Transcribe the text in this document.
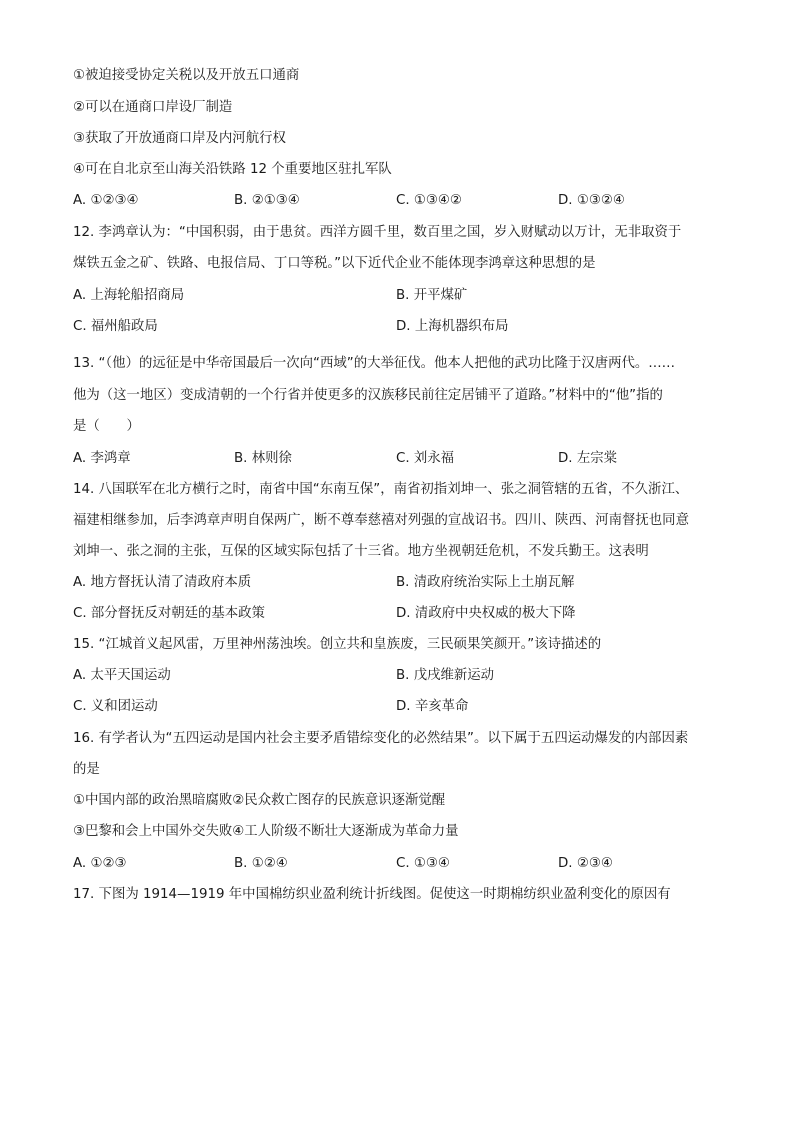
①被迫接受协定关税以及开放五口通商
②可以在通商口岸设厂制造
③获取了开放通商口岸及内河航行权
④可在自北京至山海关沿铁路 12 个重要地区驻扎军队
A. ①②③④	B. ②①③④	C. ①③④②	D. ①③②④
12. 李鸿章认为：“中国积弱，由于患贫。西洋方圆千里，数百里之国，岁入财赋动以万计，无非取资于
煤铁五金之矿、铁路、电报信局、丁口等税。”以下近代企业不能体现李鸿章这种思想的是
A. 上海轮船招商局	B. 开平煤矿
C. 福州船政局	D. 上海机器织布局
13. “（他）的远征是中华帝国最后一次向“西域”的大举征伐。他本人把他的武功比隆于汉唐两代。……
他为（这一地区）变成清朝的一个行省并使更多的汉族移民前往定居铺平了道路。”材料中的“他”指的
是（　　）
A. 李鸿章	B. 林则徐	C. 刘永福	D. 左宗棠
14. 八国联军在北方横行之时，南省中国“东南互保”，南省初指刘坤一、张之洞管辖的五省，不久浙江、
福建相继参加，后李鸿章声明自保两广，断不尊奉慈禧对列强的宣战诏书。四川、陕西、河南督抚也同意
刘坤一、张之洞的主张，互保的区域实际包括了十三省。地方坐视朝廷危机，不发兵勤王。这表明
A. 地方督抚认清了清政府本质	B. 清政府统治实际上土崩瓦解
C. 部分督抚反对朝廷的基本政策	D. 清政府中央权威的极大下降
15. “江城首义起风雷，万里神州荡浊埃。创立共和皇族废，三民硕果笑颜开。”该诗描述的
A. 太平天国运动	B. 戊戌维新运动
C. 义和团运动	D. 辛亥革命
16. 有学者认为“五四运动是国内社会主要矛盾错综变化的必然结果”。以下属于五四运动爆发的内部因素
的是
①中国内部的政治黑暗腐败②民众救亡图存的民族意识逐渐觉醒
③巴黎和会上中国外交失败④工人阶级不断壮大逐渐成为革命力量
A. ①②③	B. ①②④	C. ①③④	D. ②③④
17. 下图为 1914—1919 年中国棉纺织业盈利统计折线图。促使这一时期棉纺织业盈利变化的原因有
